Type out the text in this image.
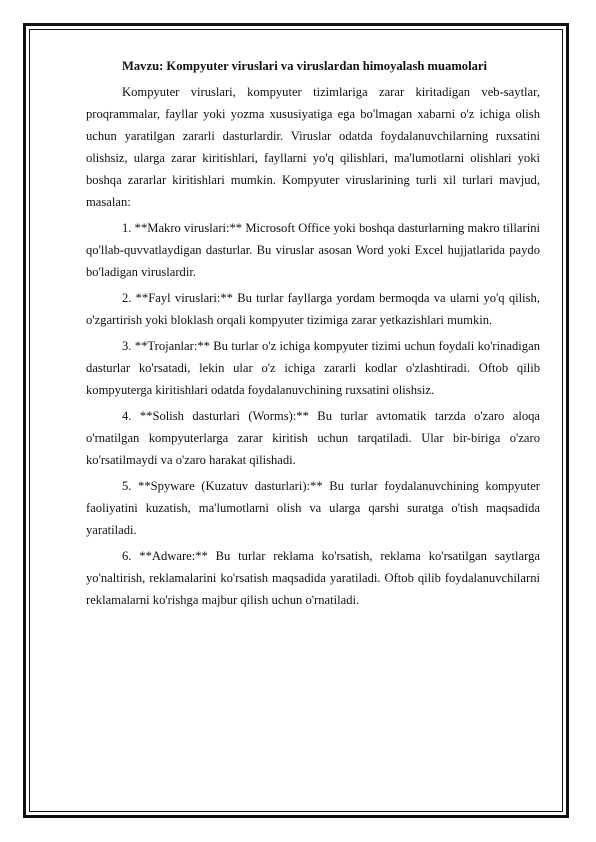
Mavzu: Kompyuter viruslari va viruslardan himoyalash muamolari

Kompyuter viruslari, kompyuter tizimlariga zarar kiritadigan veb-saytlar, proqrammalar, fayllar yoki yozma xususiyatiga ega bo'lmagan xabarni o'z ichiga olish uchun yaratilgan zararli dasturlardir. Viruslar odatda foydalanuvchilarning ruxsatini olishsiz, ularga zarar kiritishlari, fayllarni yo'q qilishlari, ma'lumotlarni olishlari yoki boshqa zararlar kiritishlari mumkin. Kompyuter viruslarining turli xil turlari mavjud, masalan:

1. **Makro viruslari:** Microsoft Office yoki boshqa dasturlarning makro tillarini qo'llab-quvvatlaydigan dasturlar. Bu viruslar asosan Word yoki Excel hujjatlarida paydo bo'ladigan viruslardir.

2. **Fayl viruslari:** Bu turlar fayllarga yordam bermoqda va ularni yo'q qilish, o'zgartirish yoki bloklash orqali kompyuter tizimiga zarar yetkazishlari mumkin.

3. **Trojanlar:** Bu turlar o'z ichiga kompyuter tizimi uchun foydali ko'rinadigan dasturlar ko'rsatadi, lekin ular o'z ichiga zararli kodlar o'zlashtiradi. Oftob qilib kompyuterga kiritishlari odatda foydalanuvchining ruxsatini olishsiz.

4. **Solish dasturlari (Worms):** Bu turlar avtomatik tarzda o'zaro aloqa o'rnatilgan kompyuterlarga zarar kiritish uchun tarqatiladi. Ular bir-biriga o'zaro ko'rsatilmaydi va o'zaro harakat qilishadi.

5. **Spyware (Kuzatuv dasturlari):** Bu turlar foydalanuvchining kompyuter faoliyatini kuzatish, ma'lumotlarni olish va ularga qarshi suratga o'tish maqsadida yaratiladi.

6. **Adware:** Bu turlar reklama ko'rsatish, reklama ko'rsatilgan saytlarga yo'naltirish, reklamalarini ko'rsatish maqsadida yaratiladi. Oftob qilib foydalanuvchilarni reklamalarni ko'rishga majbur qilish uchun o'rnatiladi.
